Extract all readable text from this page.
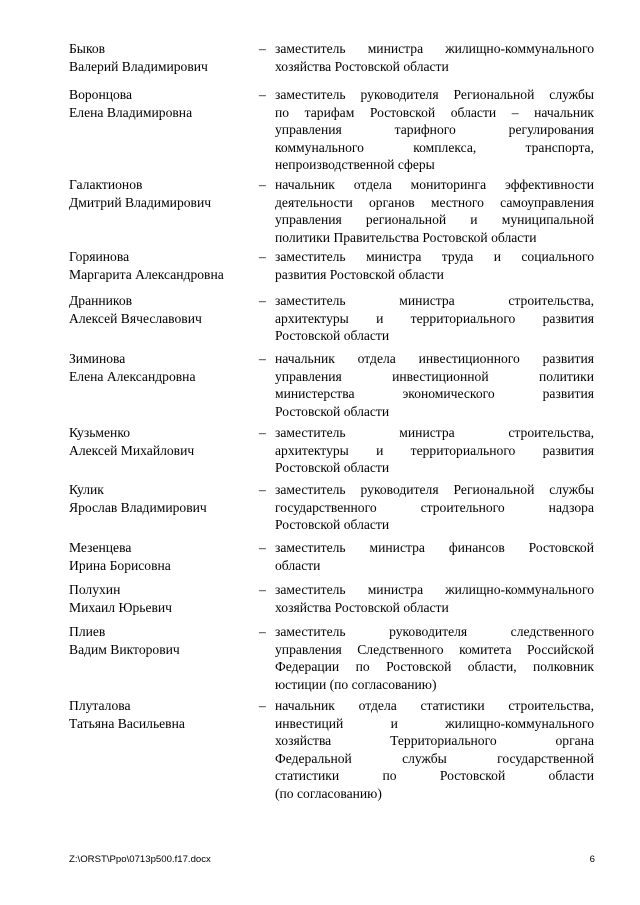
Быков
Валерий Владимирович
– заместитель министра жилищно-коммунального
хозяйства Ростовской области
Воронцова
Елена Владимировна
– заместитель руководителя Региональной службы
по тарифам Ростовской области – начальник
управления тарифного регулирования
коммунального комплекса, транспорта,
непроизводственной сферы
Галактионов
Дмитрий Владимирович
– начальник отдела мониторинга эффективности
деятельности органов местного самоуправления
управления региональной и муниципальной
политики Правительства Ростовской области
Горяинова
Маргарита Александровна
– заместитель министра труда и социального
развития Ростовской области
Дранников
Алексей Вячеславович
– заместитель министра строительства,
архитектуры и территориального развития
Ростовской области
Зиминова
Елена Александровна
– начальник отдела инвестиционного развития
управления инвестиционной политики
министерства экономического развития
Ростовской области
Кузьменко
Алексей Михайлович
– заместитель министра строительства,
архитектуры и территориального развития
Ростовской области
Кулик
Ярослав Владимирович
– заместитель руководителя Региональной службы
государственного строительного надзора
Ростовской области
Мезенцева
Ирина Борисовна
– заместитель министра финансов Ростовской
области
Полухин
Михаил Юрьевич
– заместитель министра жилищно-коммунального
хозяйства Ростовской области
Плиев
Вадим Викторович
– заместитель руководителя следственного
управления Следственного комитета Российской
Федерации по Ростовской области, полковник
юстиции (по согласованию)
Плуталова
Татьяна Васильевна
– начальник отдела статистики строительства,
инвестиций и жилищно-коммунального
хозяйства Территориального органа
Федеральной службы государственной
статистики по Ростовской области
(по согласованию)
Z:\ORST\Ppo\0713p500.f17.docx	6
